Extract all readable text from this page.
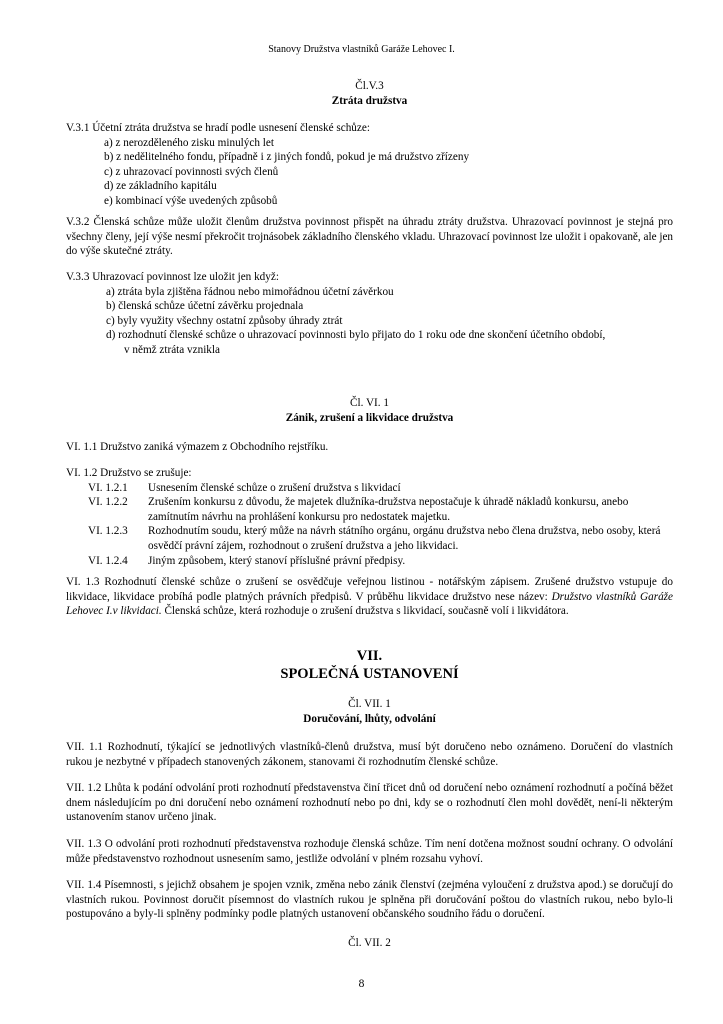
Stanovy Družstva vlastníků Garáže Lehovec I.
Čl.V.3
Ztráta družstva
V.3.1 Účetní ztráta družstva se hradí podle usnesení členské schůze:
a) z nerozděleného zisku minulých let
b) z nedělitelného fondu, případně i z jiných fondů, pokud je má družstvo zřízeny
c) z uhrazovací povinnosti svých členů
d) ze základního kapitálu
e) kombinací výše uvedených způsobů
V.3.2 Členská schůze může uložit členům družstva povinnost přispět na úhradu ztráty družstva. Uhrazovací povinnost je stejná pro všechny členy, její výše nesmí překročit trojnásobek základního členského vkladu. Uhrazovací povinnost lze uložit i opakovaně, ale jen do výše skutečné ztráty.
V.3.3 Uhrazovací povinnost lze uložit jen když:
a) ztráta byla zjištěna řádnou nebo mimořádnou účetní závěrkou
b) členská schůze účetní závěrku projednala
c) byly využity všechny ostatní způsoby úhrady ztrát
d) rozhodnutí členské schůze o uhrazovací povinnosti bylo přijato do 1 roku ode dne skončení účetního období,
v němž ztráta vznikla
Čl. VI. 1
Zánik, zrušení a likvidace družstva
VI. 1.1 Družstvo zaniká výmazem z Obchodního rejstříku.
VI. 1.2 Družstvo se zrušuje:
VI. 1.2.1	Usnesením členské schůze o zrušení družstva s likvidací
VI. 1.2.2	Zrušením konkursu z důvodu, že majetek dlužníka-družstva nepostačuje k úhradě nákladů konkursu, anebo zamítnutím návrhu na prohlášení konkursu pro nedostatek majetku.
VI. 1.2.3	Rozhodnutím soudu, který může na návrh státního orgánu, orgánu družstva nebo člena družstva, nebo osoby, která osvědčí právní zájem, rozhodnout o zrušení družstva a jeho likvidaci.
VI. 1.2.4	Jiným způsobem, který stanoví příslušné právní předpisy.
VI. 1.3 Rozhodnutí členské schůze o zrušení se osvědčuje veřejnou listinou - notářským zápisem. Zrušené družstvo vstupuje do likvidace, likvidace probíhá podle platných právních předpisů. V průběhu likvidace družstvo nese název: Družstvo vlastníků Garáže Lehovec I.v likvidaci. Členská schůze, která rozhoduje o zrušení družstva s likvidací, současně volí i likvidátora.
VII.
SPOLEČNÁ USTANOVENÍ
Čl. VII. 1
Doručování, lhůty, odvolání
VII. 1.1 Rozhodnutí, týkající se jednotlivých vlastníků-členů družstva, musí být doručeno nebo oznámeno. Doručení do vlastních rukou je nezbytné v případech stanovených zákonem, stanovami či rozhodnutím členské schůze.
VII. 1.2 Lhůta k podání odvolání proti rozhodnutí představenstva činí třicet dnů od doručení nebo oznámení rozhodnutí a počíná běžet dnem následujícím po dni doručení nebo oznámení rozhodnutí nebo po dni, kdy se o rozhodnutí člen mohl dovědět, není-li některým ustanovením stanov určeno jinak.
VII. 1.3 O odvolání proti rozhodnutí představenstva rozhoduje členská schůze. Tím není dotčena možnost soudní ochrany. O odvolání může představenstvo rozhodnout usnesením samo, jestliže odvolání v plném rozsahu vyhoví.
VII. 1.4 Písemnosti, s jejichž obsahem je spojen vznik, změna nebo zánik členství (zejména vyloučení z družstva apod.) se doručují do vlastních rukou. Povinnost doručit písemnost do vlastních rukou je splněna při doručování poštou do vlastních rukou, nebo bylo-li postupováno a byly-li splněny podmínky podle platných ustanovení občanského soudního řádu o doručení.
Čl. VII. 2
8
